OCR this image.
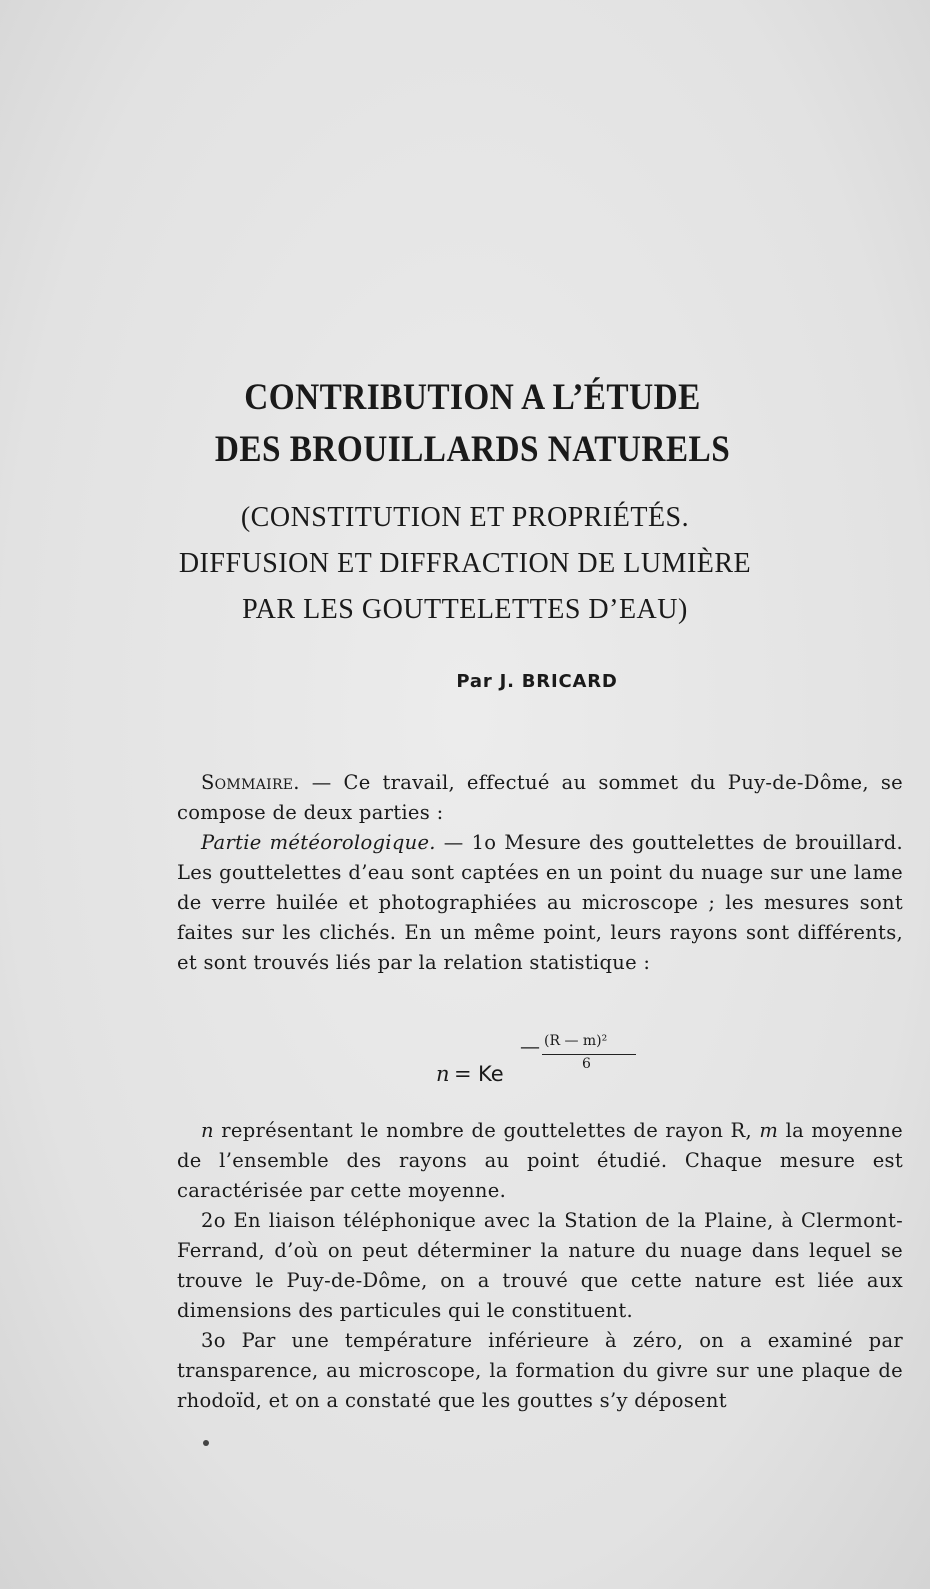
CONTRIBUTION A L’ÉTUDE
DES BROUILLARDS NATURELS
(CONSTITUTION ET PROPRIÉTÉS.
DIFFUSION ET DIFFRACTION DE LUMIÈRE
PAR LES GOUTTELETTES D’EAU)
Par J. BRICARD

Sommaire. — Ce travail, effectué au sommet du Puy-de-Dôme, se compose de deux parties :

Partie météorologique. — 1o Mesure des gouttelettes de brouillard. Les gouttelettes d’eau sont captées en un point du nuage sur une lame de verre huilée et photographiées au microscope ; les mesures sont faites sur les clichés. En un même point, leurs rayons sont différents, et sont trouvés liés par la relation statistique :

n = Ke
— (R — m)²
6

n représentant le nombre de gouttelettes de rayon R, m la moyenne de l’ensemble des rayons au point étudié. Chaque mesure est caractérisée par cette moyenne.

2o En liaison téléphonique avec la Station de la Plaine, à Clermont-Ferrand, d’où on peut déterminer la nature du nuage dans lequel se trouve le Puy-de-Dôme, on a trouvé que cette nature est liée aux dimensions des particules qui le constituent.

3o Par une température inférieure à zéro, on a examiné par transparence, au microscope, la formation du givre sur une plaque de rhodoïd, et on a constaté que les gouttes s’y déposent
